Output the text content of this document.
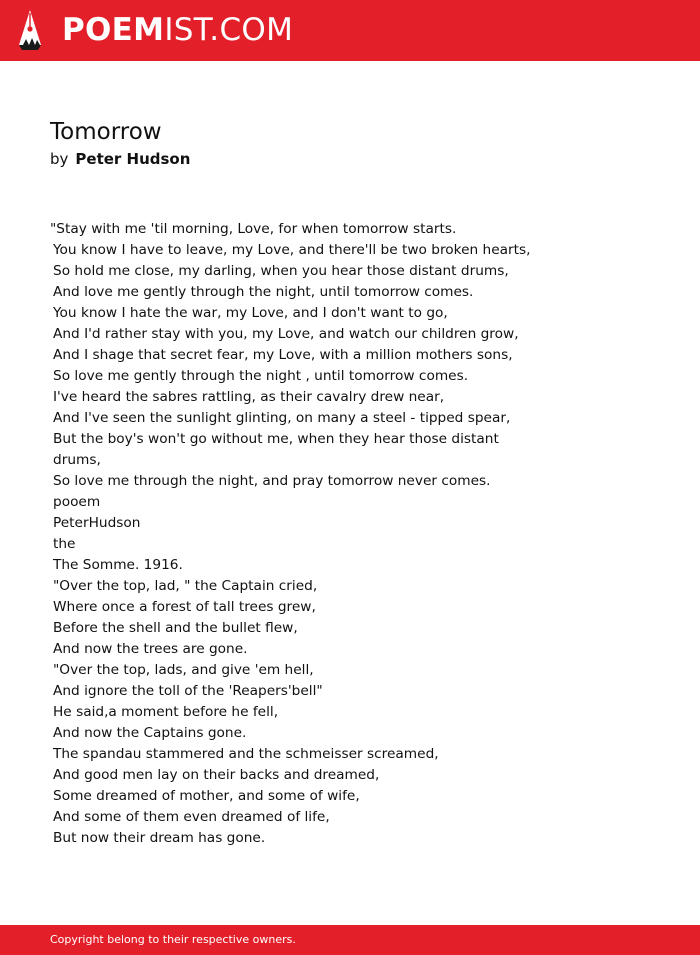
POEMIST.COM
Tomorrow
by Peter Hudson
"Stay with me 'til morning, Love, for when tomorrow starts.
You know I have to leave, my Love, and there'll be two broken hearts,
So hold me close, my darling, when you hear those distant drums,
And love me gently through the night, until tomorrow comes.
You know I hate the war, my Love, and I don't want to go,
And I'd rather stay with you, my Love, and watch our children grow,
And I shage that secret fear, my Love, with a million mothers sons,
So love me gently through the night , until tomorrow comes.
I've heard the sabres rattling, as their cavalry drew near,
And I've seen the sunlight glinting, on many a steel - tipped spear,
But the boy's won't go without me, when they hear those distant
drums,
So love me through the night, and pray tomorrow never comes.
pooem
PeterHudson
the
The Somme. 1916.
"Over the top, lad, " the Captain cried,
Where once a forest of tall trees grew,
Before the shell and the bullet flew,
And now the trees are gone.
"Over the top, lads, and give 'em hell,
And ignore the toll of the 'Reapers'bell"
He said,a moment before he fell,
And now the Captains gone.
The spandau stammered and the schmeisser screamed,
And good men lay on their backs and dreamed,
Some dreamed of mother, and some of wife,
And some of them even dreamed of life,
But now their dream has gone.
Copyright belong to their respective owners.
